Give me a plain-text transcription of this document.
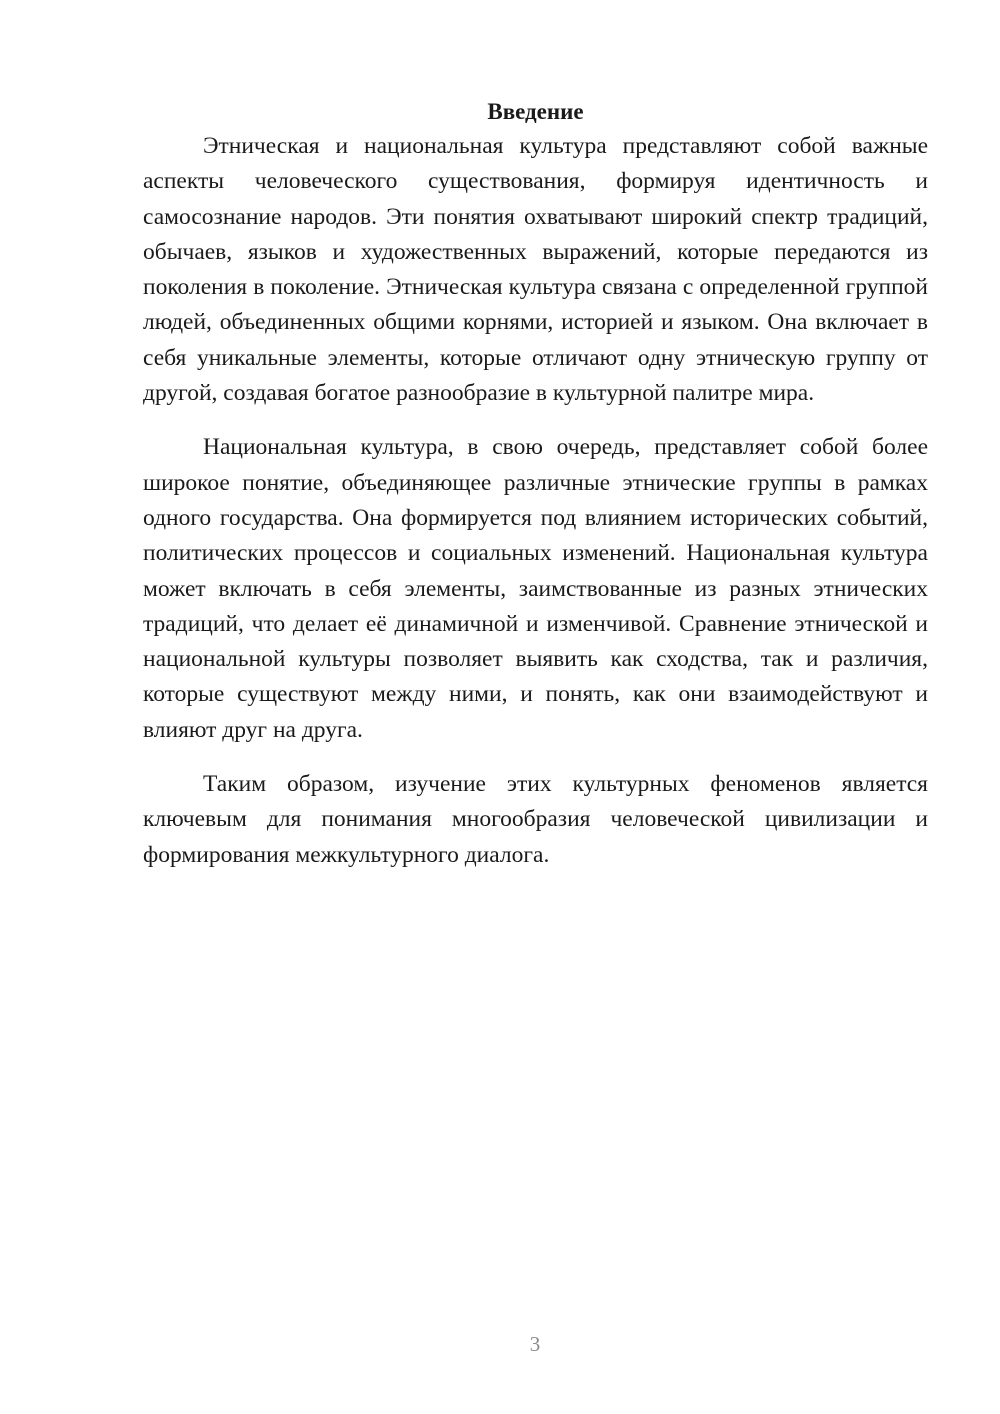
Введение

Этническая и национальная культура представляют собой важные аспекты человеческого существования, формируя идентичность и самосознание народов. Эти понятия охватывают широкий спектр традиций, обычаев, языков и художественных выражений, которые передаются из поколения в поколение. Этническая культура связана с определенной группой людей, объединенных общими корнями, историей и языком. Она включает в себя уникальные элементы, которые отличают одну этническую группу от другой, создавая богатое разнообразие в культурной палитре мира.

Национальная культура, в свою очередь, представляет собой более широкое понятие, объединяющее различные этнические группы в рамках одного государства. Она формируется под влиянием исторических событий, политических процессов и социальных изменений. Национальная культура может включать в себя элементы, заимствованные из разных этнических традиций, что делает её динамичной и изменчивой. Сравнение этнической и национальной культуры позволяет выявить как сходства, так и различия, которые существуют между ними, и понять, как они взаимодействуют и влияют друг на друга.

Таким образом, изучение этих культурных феноменов является ключевым для понимания многообразия человеческой цивилизации и формирования межкультурного диалога.

3
